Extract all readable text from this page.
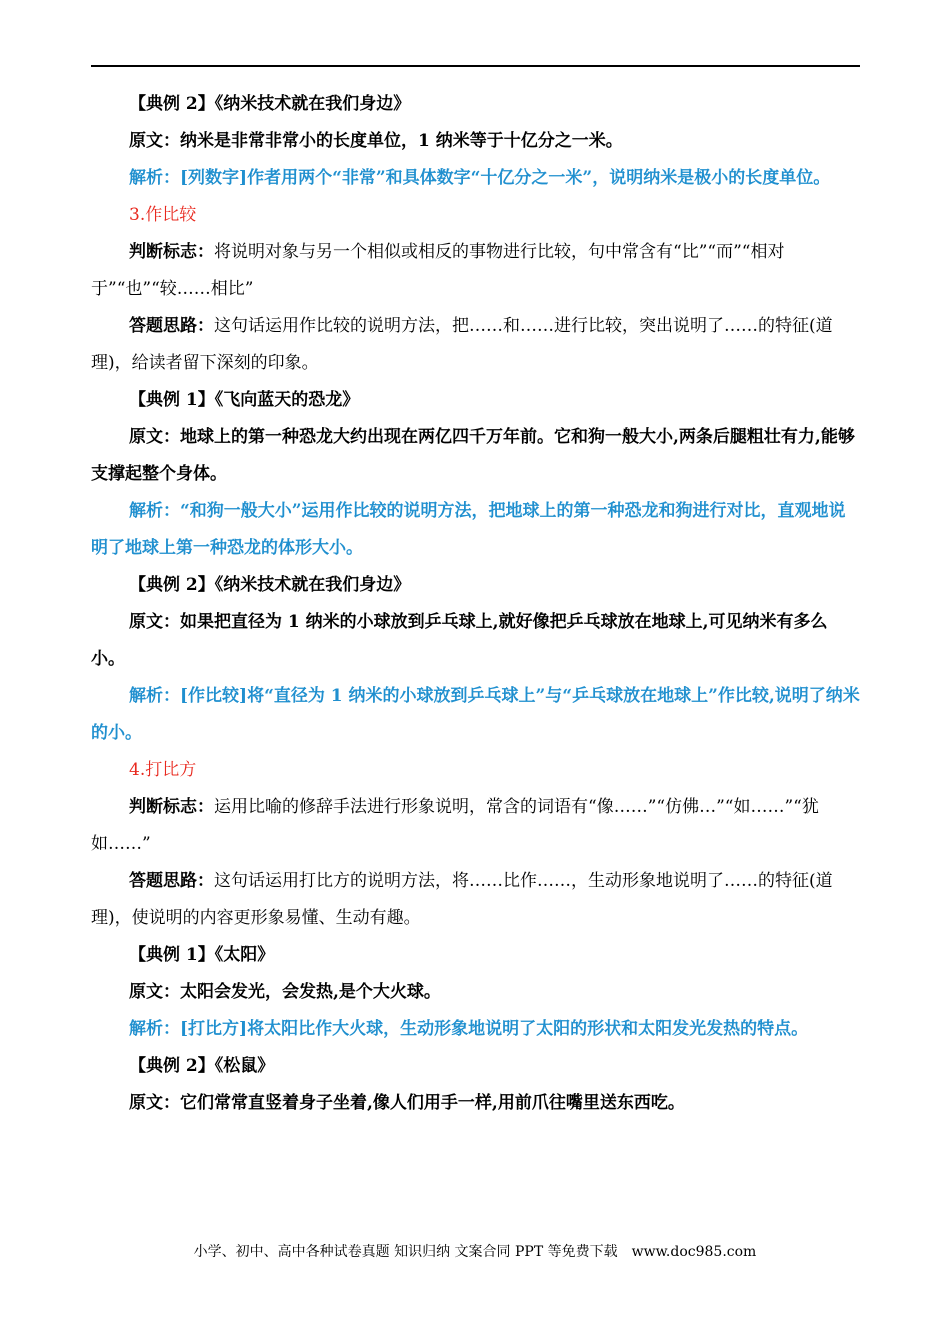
【典例 2】《纳米技术就在我们身边》

原文：纳米是非常非常小的长度单位，1 纳米等于十亿分之一米。

解析：[列数字]作者用两个“非常”和具体数字“十亿分之一米”，说明纳米是极小的长度单位。

3.作比较

判断标志：将说明对象与另一个相似或相反的事物进行比较，句中常含有“比”“而”“相对于”“也”“较……相比”

答题思路：这句话运用作比较的说明方法，把……和……进行比较，突出说明了……的特征(道理)，给读者留下深刻的印象。

【典例 1】《飞向蓝天的恐龙》

原文：地球上的第一种恐龙大约出现在两亿四千万年前。它和狗一般大小,两条后腿粗壮有力,能够支撑起整个身体。

解析：“和狗一般大小”运用作比较的说明方法，把地球上的第一种恐龙和狗进行对比，直观地说明了地球上第一种恐龙的体形大小。

【典例 2】《纳米技术就在我们身边》

原文：如果把直径为 1 纳米的小球放到乒乓球上,就好像把乒乓球放在地球上,可见纳米有多么小。

解析：[作比较]将“直径为 1 纳米的小球放到乒乓球上”与“乒乓球放在地球上”作比较,说明了纳米的小。

4.打比方

判断标志：运用比喻的修辞手法进行形象说明，常含的词语有“像……”“仿佛…”“如……”“犹如……”

答题思路：这句话运用打比方的说明方法，将……比作……，生动形象地说明了……的特征(道理)，使说明的内容更形象易懂、生动有趣。

【典例 1】《太阳》

原文：太阳会发光，会发热,是个大火球。

解析：[打比方]将太阳比作大火球，生动形象地说明了太阳的形状和太阳发光发热的特点。

【典例 2】《松鼠》

原文：它们常常直竖着身子坐着,像人们用手一样,用前爪往嘴里送东西吃。

小学、初中、高中各种试卷真题 知识归纳 文案合同 PPT 等免费下载　www.doc985.com
